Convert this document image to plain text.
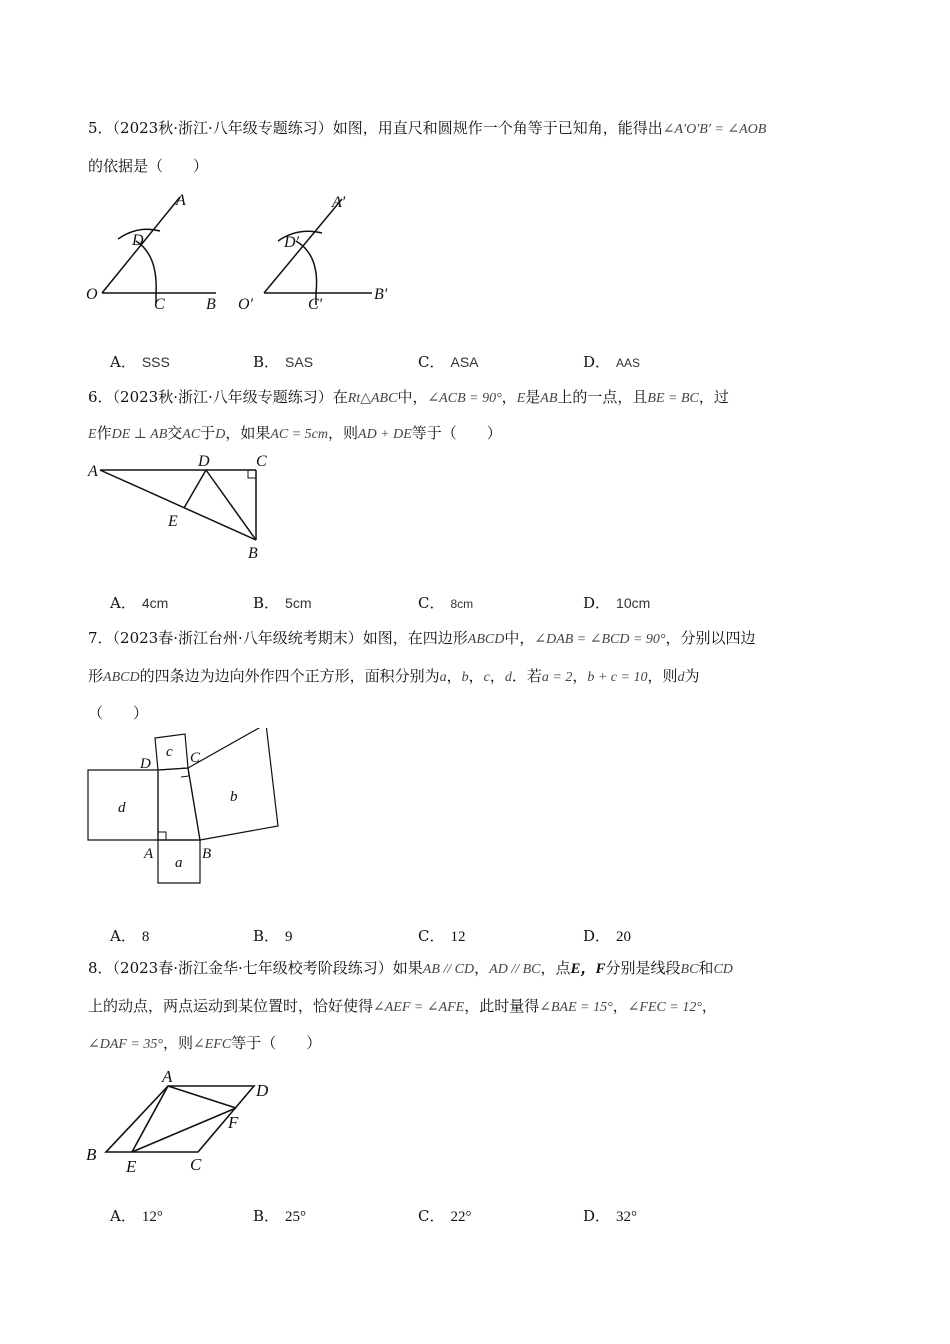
5．（2023秋·浙江·八年级专题练习）如图，用直尺和圆规作一个角等于已知角，能得出∠A′O′B′ = ∠AOB
的依据是（　　）
A
D
O
C	B
A′
D′
O′	C′
B′
A． SSS	B． SAS	C． ASA	D． AAS
6．（2023秋·浙江·八年级专题练习）在Rt△ABC中，∠ACB = 90°，E是AB上的一点，且BE = BC，过
E作DE ⊥ AB交AC于D，如果AC = 5cm，则AD + DE等于（　　）
A
D	C
E
B
A． 4cm	B． 5cm	C． 8cm	D． 10cm
7．（2023春·浙江台州·八年级统考期末）如图，在四边形ABCD中，∠DAB = ∠BCD = 90°，分别以四边
形ABCD的四条边为边向外作四个正方形，面积分别为a，b，c，d．若a = 2，b + c = 10，则d为
（　　）
c C
D
d
b
A
a
B
A． 8	B． 9	C． 12	D． 20
8．（2023春·浙江金华·七年级校考阶段练习）如果AB // CD，AD // BC，点E，F分别是线段BC和CD
上的动点，两点运动到某位置时，恰好使得∠AEF = ∠AFE，此时量得∠BAE = 15°，∠FEC = 12°，
∠DAF = 35°，则∠EFC等于（　　）
A
D
F
B
E	C
A． 12°	B． 25°	C． 22°	D． 32°
